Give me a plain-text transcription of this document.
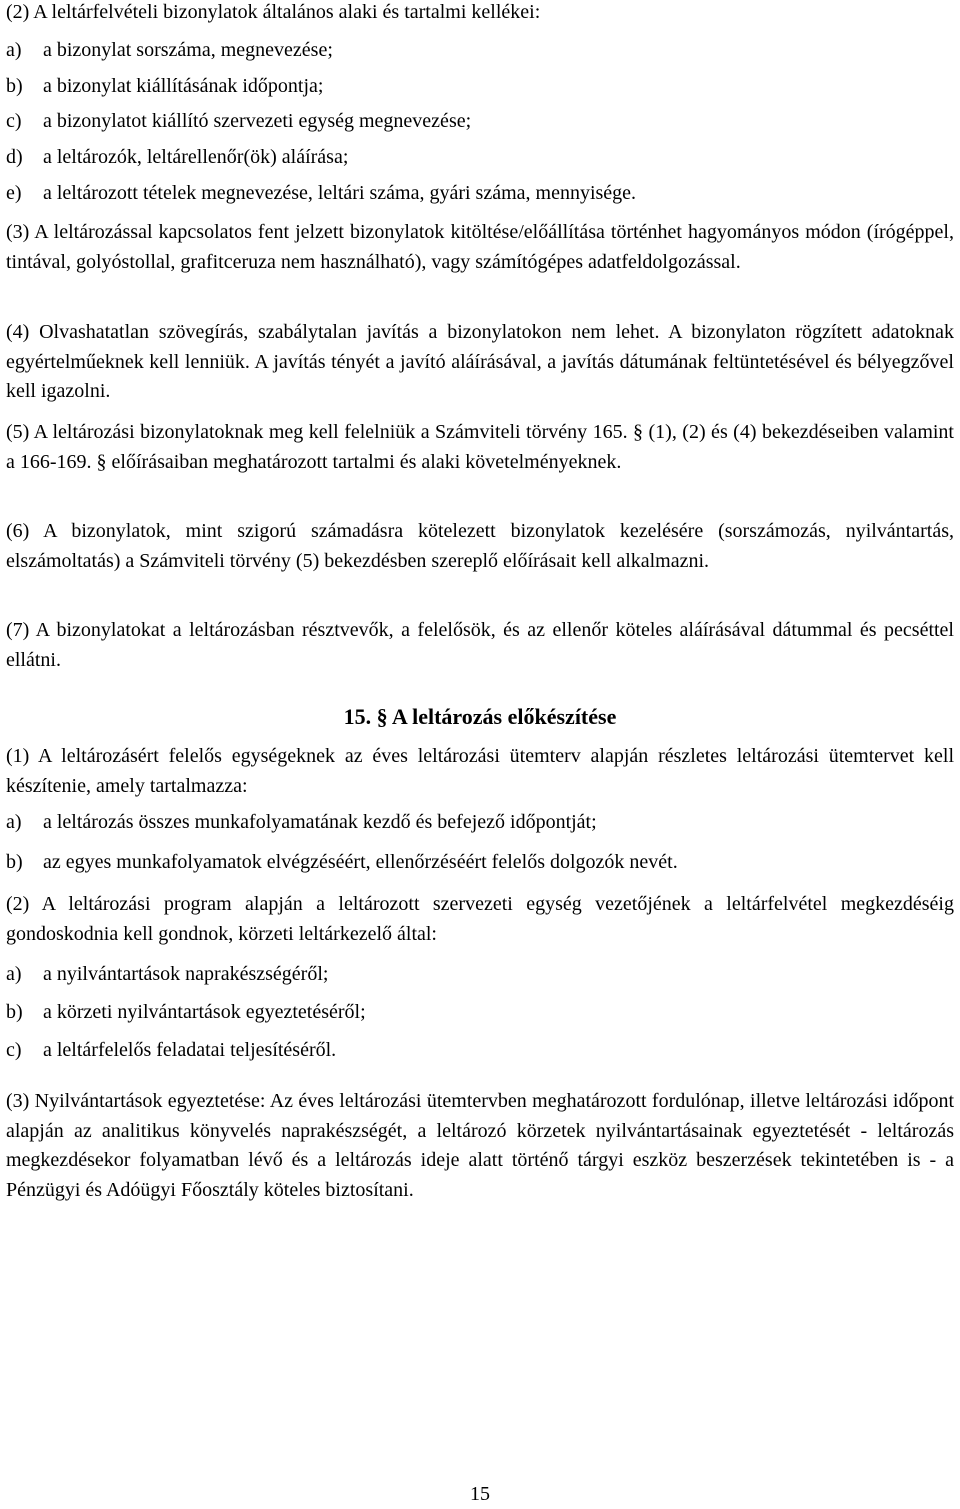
(2) A leltárfelvételi bizonylatok általános alaki és tartalmi kellékei:

a) a bizonylat sorszáma, megnevezése;

b) a bizonylat kiállításának időpontja;

c) a bizonylatot kiállító szervezeti egység megnevezése;

d) a leltározók, leltárellenőr(ök) aláírása;

e) a leltározott tételek megnevezése, leltári száma, gyári száma, mennyisége.

(3) A leltározással kapcsolatos fent jelzett bizonylatok kitöltése/előállítása történhet hagyományos módon (írógéppel, tintával, golyóstollal, grafitceruza nem használható), vagy számítógépes adatfeldolgozással.

(4) Olvashatatlan szövegírás, szabálytalan javítás a bizonylatokon nem lehet. A bizonylaton rögzített adatoknak egyértelműeknek kell lenniük. A javítás tényét a javító aláírásával, a javítás dátumának feltüntetésével és bélyegzővel kell igazolni.

(5) A leltározási bizonylatoknak meg kell felelniük a Számviteli törvény 165. § (1), (2) és (4) bekezdéseiben valamint a 166-169. § előírásaiban meghatározott tartalmi és alaki követelményeknek.

(6) A bizonylatok, mint szigorú számadásra kötelezett bizonylatok kezelésére (sorszámozás, nyilvántartás, elszámoltatás) a Számviteli törvény (5) bekezdésben szereplő előírásait kell alkalmazni.

(7) A bizonylatokat a leltározásban résztvevők, a felelősök, és az ellenőr köteles aláírásával dátummal és pecséttel ellátni.

15. § A leltározás előkészítése

(1) A leltározásért felelős egységeknek az éves leltározási ütemterv alapján részletes leltározási ütemtervet kell készítenie, amely tartalmazza:

a) a leltározás összes munkafolyamatának kezdő és befejező időpontját;

b) az egyes munkafolyamatok elvégzéséért, ellenőrzéséért felelős dolgozók nevét.

(2) A leltározási program alapján a leltározott szervezeti egység vezetőjének a leltárfelvétel megkezdéséig gondoskodnia kell gondnok, körzeti leltárkezelő által:

a) a nyilvántartások naprakészségéről;

b) a körzeti nyilvántartások egyeztetéséről;

c) a leltárfelelős feladatai teljesítéséről.

(3) Nyilvántartások egyeztetése: Az éves leltározási ütemtervben meghatározott fordulónap, illetve leltározási időpont alapján az analitikus könyvelés naprakészségét, a leltározó körzetek nyilvántartásainak egyeztetését - leltározás megkezdésekor folyamatban lévő és a leltározás ideje alatt történő tárgyi eszköz beszerzések tekintetében is - a Pénzügyi és Adóügyi Főosztály köteles biztosítani.

15
